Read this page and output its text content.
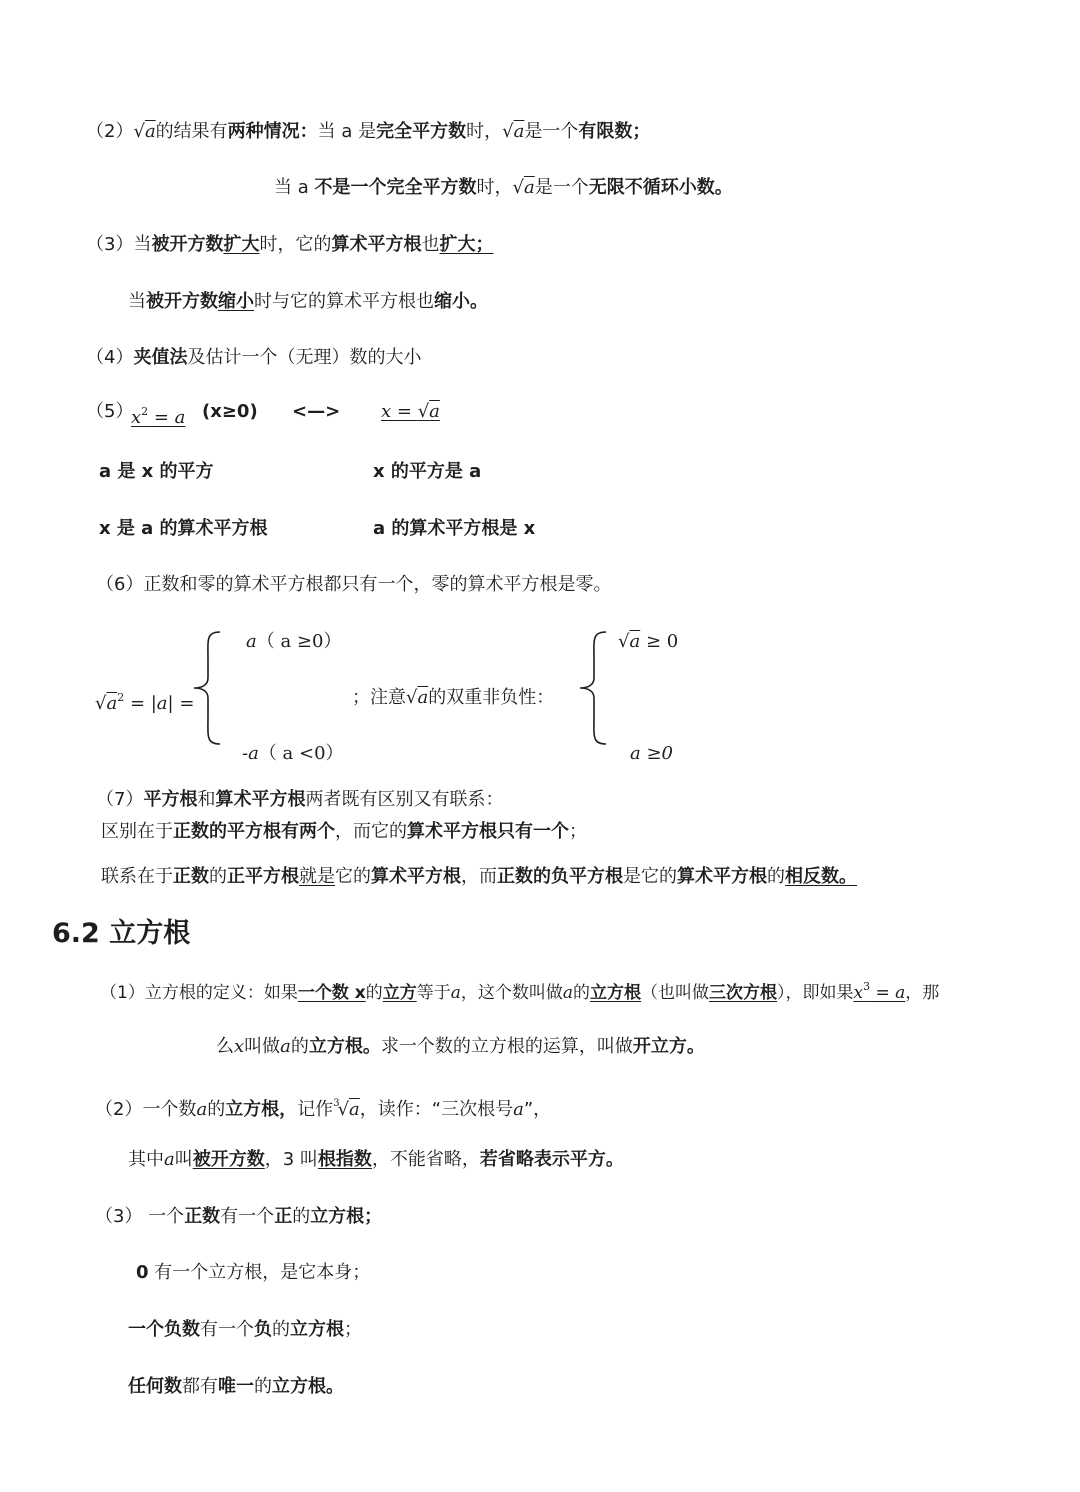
（2）√a的结果有两种情况：当 a 是完全平方数时，√a是一个有限数；
当 a 不是一个完全平方数时，√a是一个无限不循环小数。
（3）当被开方数扩大时，它的算术平方根也扩大；
当被开方数缩小时与它的算术平方根也缩小。
（4）夹值法及估计一个（无理）数的大小
（5）
$x^2 = a$ (x≥0) <—> x = √a
a 是 x 的平方	x 的平方是 a
x 是 a 的算术平方根	a 的算术平方根是 x
（6）正数和零的算术平方根都只有一个，零的算术平方根是零。
$√a^2 = |a|$ =
a（ a ≥0）
-a（ a <0）
；注意√a的双重非负性：
√a ≥ 0
a ≥0
（7）平方根和算术平方根两者既有区别又有联系：
区别在于正数的平方根有两个，而它的算术平方根只有一个；
联系在于正数的正平方根就是它的算术平方根，而正数的负平方根是它的算术平方根的相反数。
6.2 立方根
（1）立方根的定义：如果一个数 x的立方等于a，这个数叫做a的立方根（也叫做三次方根），即如果$x^3 = a$，那
么x叫做a的立方根。求一个数的立方根的运算，叫做开立方。
（2）一个数a的立方根，记作$^3$√a，读作：“三次根号a”，
其中a叫被开方数，3 叫根指数，不能省略，若省略表示平方。
（3） 一个正数有一个正的立方根；
0 有一个立方根，是它本身；
一个负数有一个负的立方根；
任何数都有唯一的立方根。
